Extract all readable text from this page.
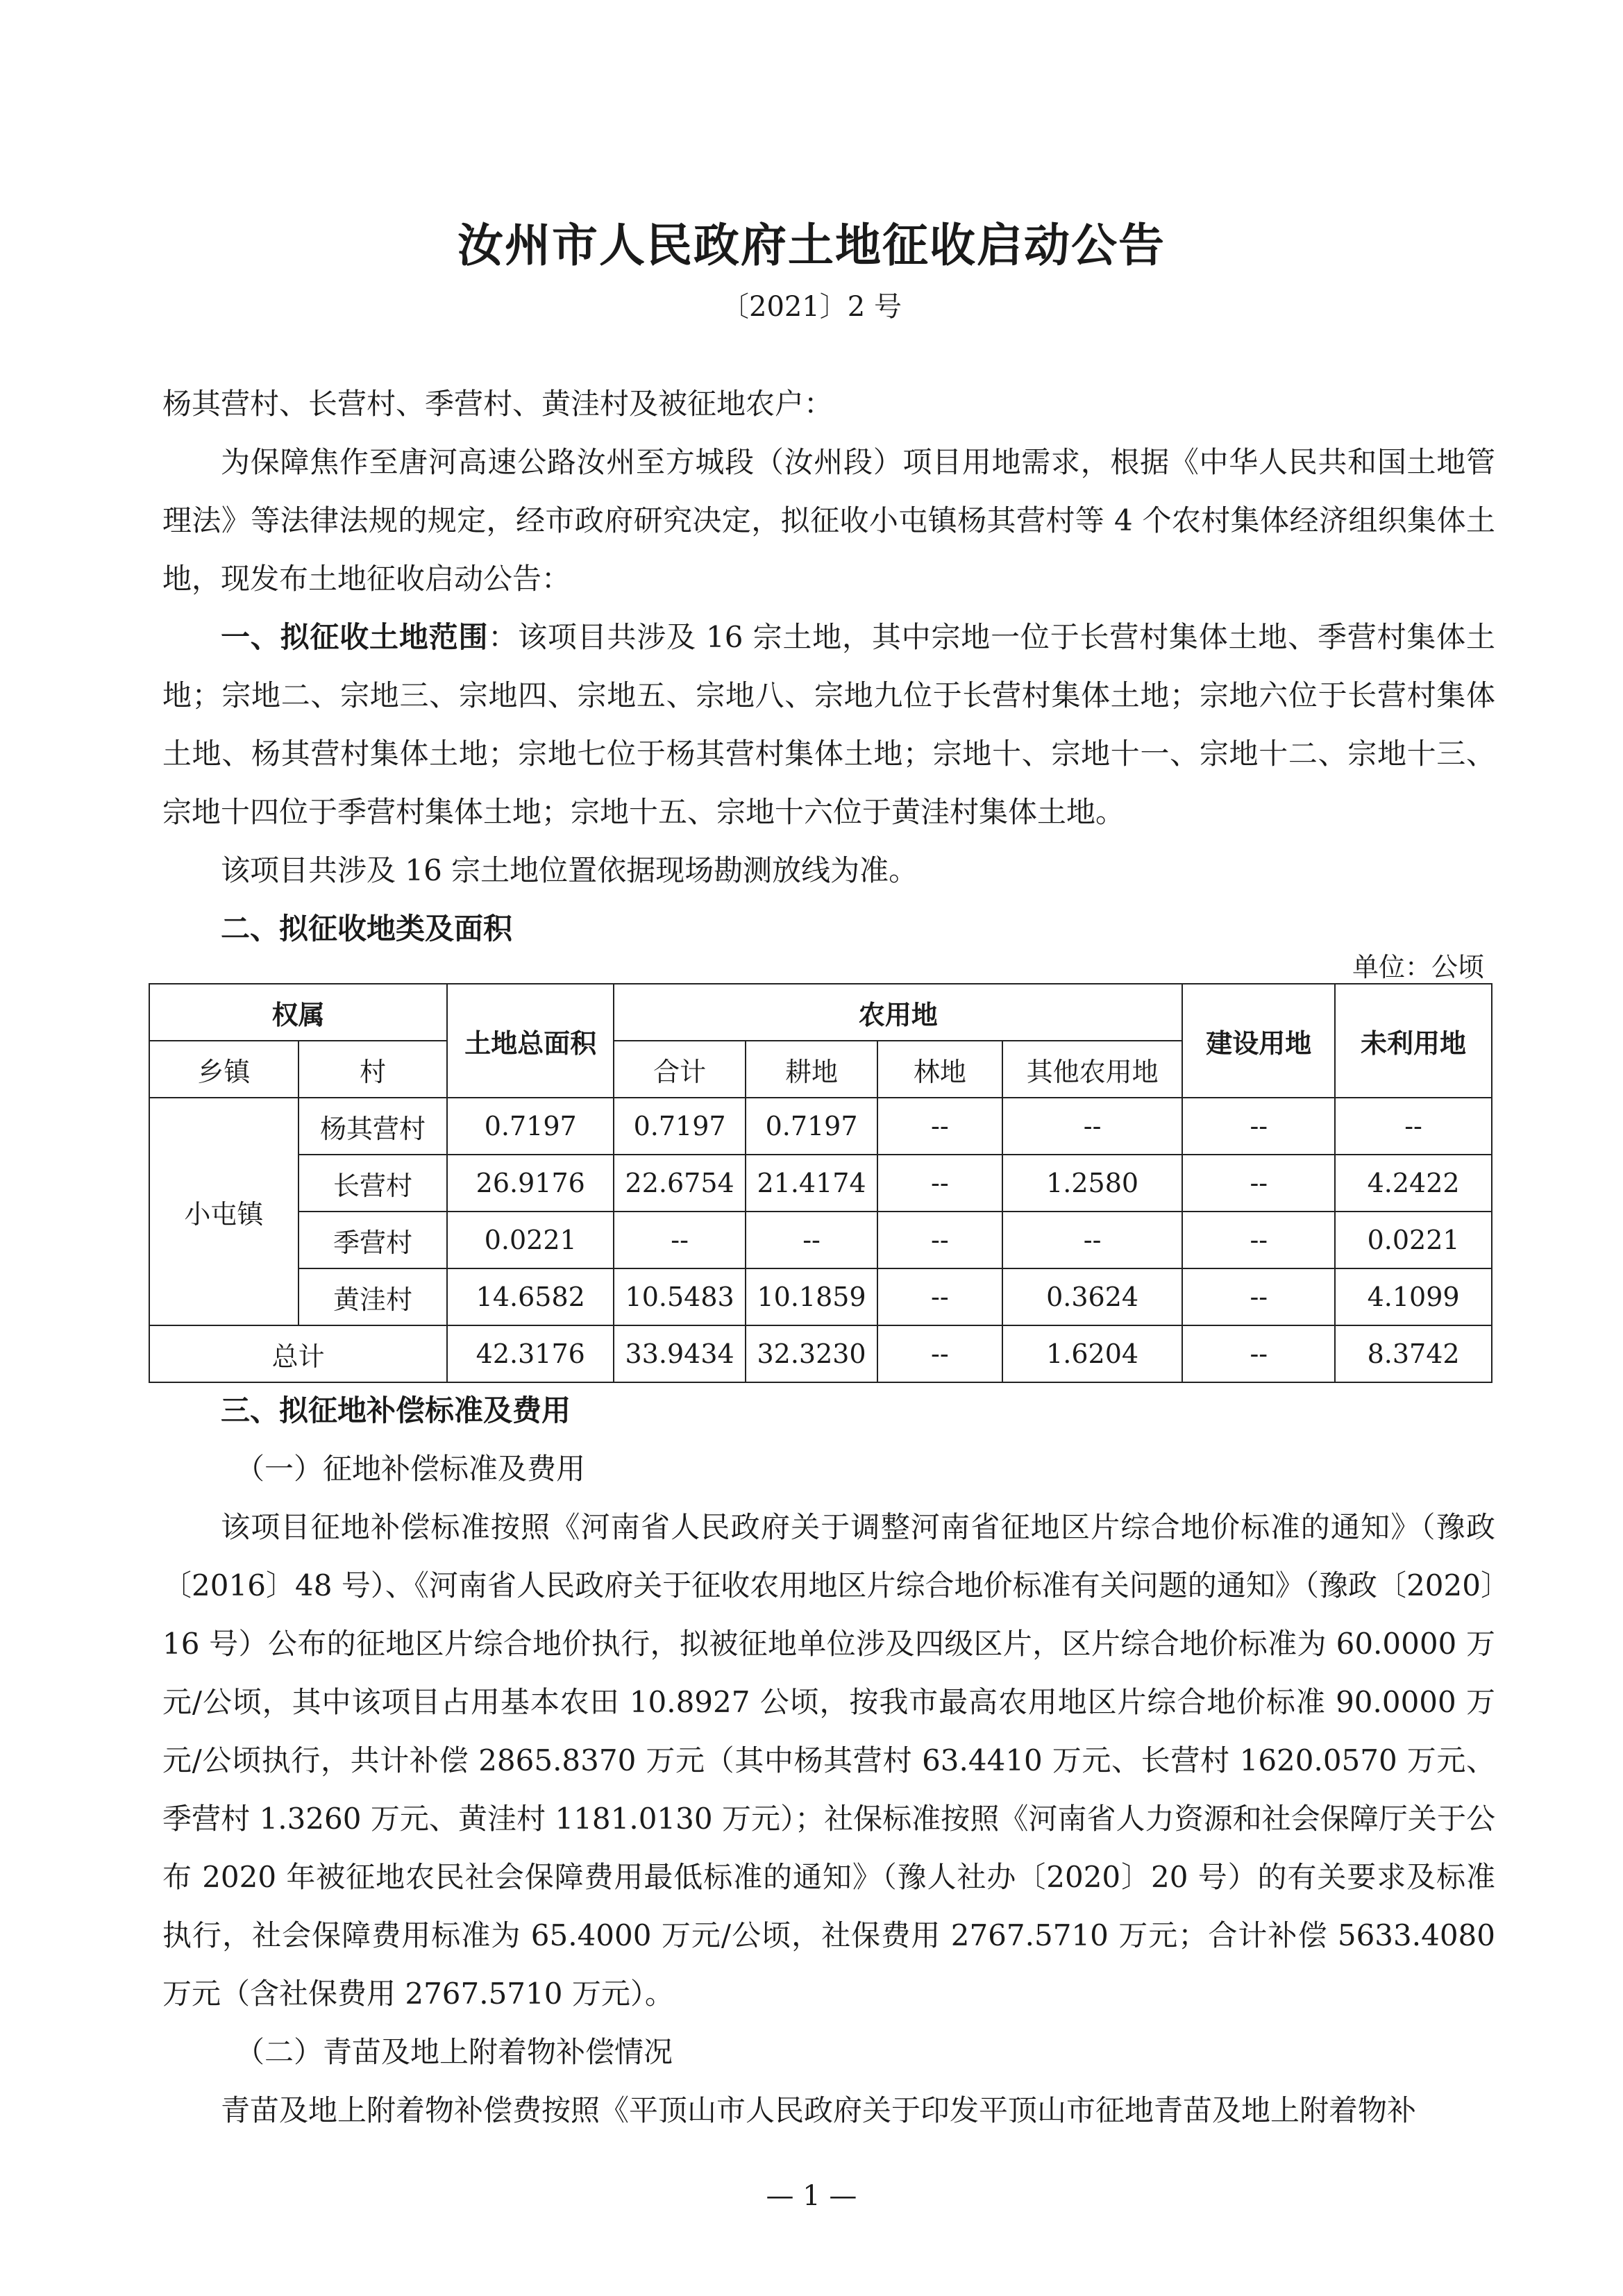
汝州市人民政府土地征收启动公告
〔2021〕2 号

杨其营村、长营村、季营村、黄洼村及被征地农户：

为保障焦作至唐河高速公路汝州至方城段（汝州段）项目用地需求，根据《中华人民共和国土地管理法》等法律法规的规定，经市政府研究决定，拟征收小屯镇杨其营村等 4 个农村集体经济组织集体土地，现发布土地征收启动公告：

一、拟征收土地范围：该项目共涉及 16 宗土地，其中宗地一位于长营村集体土地、季营村集体土地；宗地二、宗地三、宗地四、宗地五、宗地八、宗地九位于长营村集体土地；宗地六位于长营村集体土地、杨其营村集体土地；宗地七位于杨其营村集体土地；宗地十、宗地十一、宗地十二、宗地十三、宗地十四位于季营村集体土地；宗地十五、宗地十六位于黄洼村集体土地。

该项目共涉及 16 宗土地位置依据现场勘测放线为准。

二、拟征收地类及面积

单位：公顷
权属		土地总面积	农用地				建设用地	未利用地
乡镇	村		合计	耕地	林地	其他农用地		
小屯镇	杨其营村	0.7197	0.7197	0.7197	--	--	--	--
	长营村	26.9176	22.6754	21.4174	--	1.2580	--	4.2422
	季营村	0.0221	--	--	--	--	--	0.0221
	黄洼村	14.6582	10.5483	10.1859	--	0.3624	--	4.1099
总计		42.3176	33.9434	32.3230	--	1.6204	--	8.3742

三、拟征地补偿标准及费用

（一）征地补偿标准及费用

该项目征地补偿标准按照《河南省人民政府关于调整河南省征地区片综合地价标准的通知》（豫政〔2016〕48 号）、《河南省人民政府关于征收农用地区片综合地价标准有关问题的通知》（豫政〔2020〕16 号）公布的征地区片综合地价执行，拟被征地单位涉及四级区片，区片综合地价标准为 60.0000 万元/公顷，其中该项目占用基本农田 10.8927 公顷，按我市最高农用地区片综合地价标准 90.0000 万元/公顷执行，共计补偿 2865.8370 万元（其中杨其营村 63.4410 万元、长营村 1620.0570 万元、季营村 1.3260 万元、黄洼村 1181.0130 万元）；社保标准按照《河南省人力资源和社会保障厅关于公布 2020 年被征地农民社会保障费用最低标准的通知》（豫人社办〔2020〕20 号）的有关要求及标准执行，社会保障费用标准为 65.4000 万元/公顷，社保费用 2767.5710 万元；合计补偿 5633.4080 万元（含社保费用 2767.5710 万元）。

（二）青苗及地上附着物补偿情况

青苗及地上附着物补偿费按照《平顶山市人民政府关于印发平顶山市征地青苗及地上附着物补

— 1 —
